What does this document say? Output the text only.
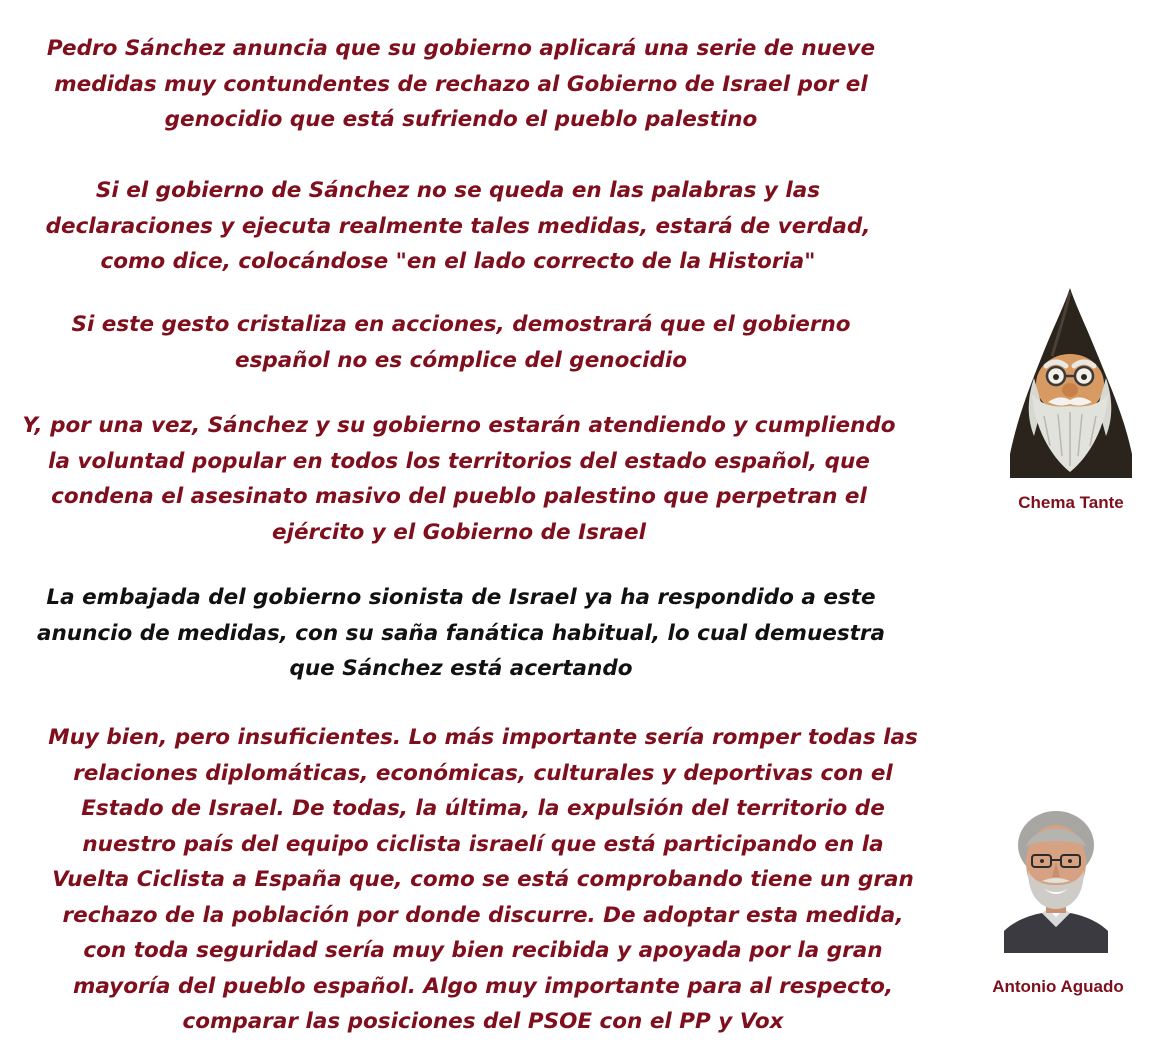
Pedro Sánchez anuncia que su gobierno aplicará una serie de nueve
medidas muy contundentes de rechazo al Gobierno de Israel por el
genocidio que está sufriendo el pueblo palestino

Si el gobierno de Sánchez no se queda en las palabras y las
declaraciones y ejecuta realmente tales medidas, estará de verdad,
como dice, colocándose "en el lado correcto de la Historia"

Si este gesto cristaliza en acciones, demostrará que el gobierno
español no es cómplice del genocidio

Y, por una vez, Sánchez y su gobierno estarán atendiendo y cumpliendo
la voluntad popular en todos los territorios del estado español, que
condena el asesinato masivo del pueblo palestino que perpetran el
ejército y el Gobierno de Israel

La embajada del gobierno sionista de Israel ya ha respondido a este
anuncio de medidas, con su saña fanática habitual, lo cual demuestra
que Sánchez está acertando

Muy bien, pero insuficientes. Lo más importante sería romper todas las
relaciones diplomáticas, económicas, culturales y deportivas con el
Estado de Israel. De todas, la última, la expulsión del territorio de
nuestro país del equipo ciclista israelí que está participando en la
Vuelta Ciclista a España que, como se está comprobando tiene un gran
rechazo de la población por donde discurre. De adoptar esta medida,
con toda seguridad sería muy bien recibida y apoyada por la gran
mayoría del pueblo español. Algo muy importante para al respecto,
comparar las posiciones del PSOE con el PP y Vox

Chema Tante
Antonio Aguado
